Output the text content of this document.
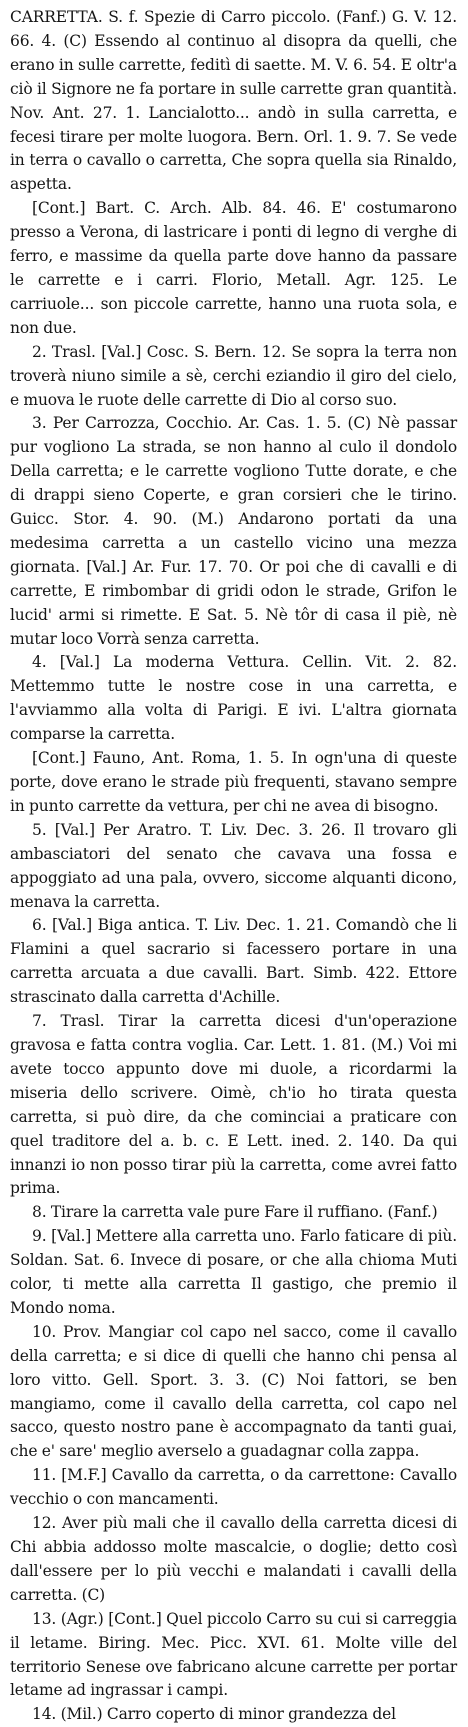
CARRETTA. S. f. Spezie di Carro piccolo. (Fanf.) G. V. 12. 66. 4. (C) Essendo al continuo al disopra da quelli, che erano in sulle carrette, feditì di saettе. M. V. 6. 54. E oltr'a ciò il Signore ne fa portare in sulle carrette gran quantità. Nov. Ant. 27. 1. Lancialotto... andò in sulla carretta, e fecesi tirare per molte luogora. Bern. Orl. 1. 9. 7. Se vede in terra o cavallo o carretta, Che sopra quella sia Rinaldo, aspetta.

[Cont.] Bart. C. Arch. Alb. 84. 46. E' costumarono presso a Verona, di lastricare i ponti di legno di verghe di ferro, e massime da quella parte dove hanno da passare le carrette e i carri. Florio, Metall. Agr. 125. Le carriuole... son piccole carrette, hanno una ruota sola, e non due.

2. Trasl. [Val.] Cosc. S. Bern. 12. Se sopra la terra non troverà niuno simile a sè, cerchi eziandio il giro del cielo, e muova le ruote delle carrette di Dio al corso suo.

3. Per Carrozza, Cocchio. Ar. Cas. 1. 5. (C) Nè passar pur vogliono La strada, se non hanno al culo il dondolo Della carretta; e le carrette vogliono Tutte dorate, e che di drappi sieno Coperte, e gran corsieri che le tirino. Guicc. Stor. 4. 90. (M.) Andarono portati da una medesima carretta a un castello vicino una mezza giornata. [Val.] Ar. Fur. 17. 70. Or poi che di cavalli e di carrette, E rimbombar di gridi odon le strade, Grifon le lucid' armi si rimette. E Sat. 5. Nè tôr di casa il piè, nè mutar loco Vorrà senza carretta.

4. [Val.] La moderna Vettura. Cellin. Vit. 2. 82. Mettemmo tutte le nostre cose in una carretta, e l'avviammo alla volta di Parigi. E ivi. L'altra giornata comparse la carretta.

[Cont.] Fauno, Ant. Roma, 1. 5. In ogn'una di queste porte, dove erano le strade più frequenti, stavano sempre in punto carrette da vettura, per chi ne avea di bisogno.

5. [Val.] Per Aratro. T. Liv. Dec. 3. 26. Il trovaro gli ambasciatori del senato che cavava una fossa e appoggiato ad una pala, ovvero, siccome alquanti dicono, menava la carretta.

6. [Val.] Biga antica. T. Liv. Dec. 1. 21. Comandò che li Flamini a quel sacrario si facessero portare in una carretta arcuata a due cavalli. Bart. Simb. 422. Ettore strascinato dalla carretta d'Achille.

7. Trasl. Tirar la carretta dicesi d'un'operazione gravosa e fatta contra voglia. Car. Lett. 1. 81. (M.) Voi mi avete tocco appunto dove mi duole, a ricordarmi la miseria dello scrivere. Oimè, ch'io ho tirata questa carretta, si può dire, da che cominciai a praticare con quel traditore del a. b. c. E Lett. ined. 2. 140. Da qui innanzi io non posso tirar più la carretta, come avrei fatto prima.

8. Tirare la carretta vale pure Fare il ruffiano. (Fanf.)

9. [Val.] Mettere alla carretta uno. Farlo faticare di più. Soldan. Sat. 6. Invece di posare, or che alla chioma Muti color, ti mette alla carretta Il gastigo, che premio il Mondo noma.

10. Prov. Mangiar col capo nel sacco, come il cavallo della carretta; e si dice di quelli che hanno chi pensa al loro vitto. Gell. Sport. 3. 3. (C) Noi fattori, se ben mangiamo, come il cavallo della carretta, col capo nel sacco, questo nostro pane è accompagnato da tanti guai, che e' sare' meglio averselo a guadagnar colla zappa.

11. [M.F.] Cavallo da carretta, o da carrettone: Cavallo vecchio o con mancamenti.

12. Aver più mali che il cavallo della carretta dicesi di Chi abbia addosso molte mascalcie, o doglie; detto così dall'essere per lo più vecchi e malandati i cavalli della carretta. (C)

13. (Agr.) [Cont.] Quel piccolo Carro su cui si carreggia il letame. Biring. Mec. Picc. XVI. 61. Molte ville del territorio Senese ove fabricano alcune carrette per portar letame ad ingrassar i campi.

14. (Mil.) Carro coperto di minor grandezza del
